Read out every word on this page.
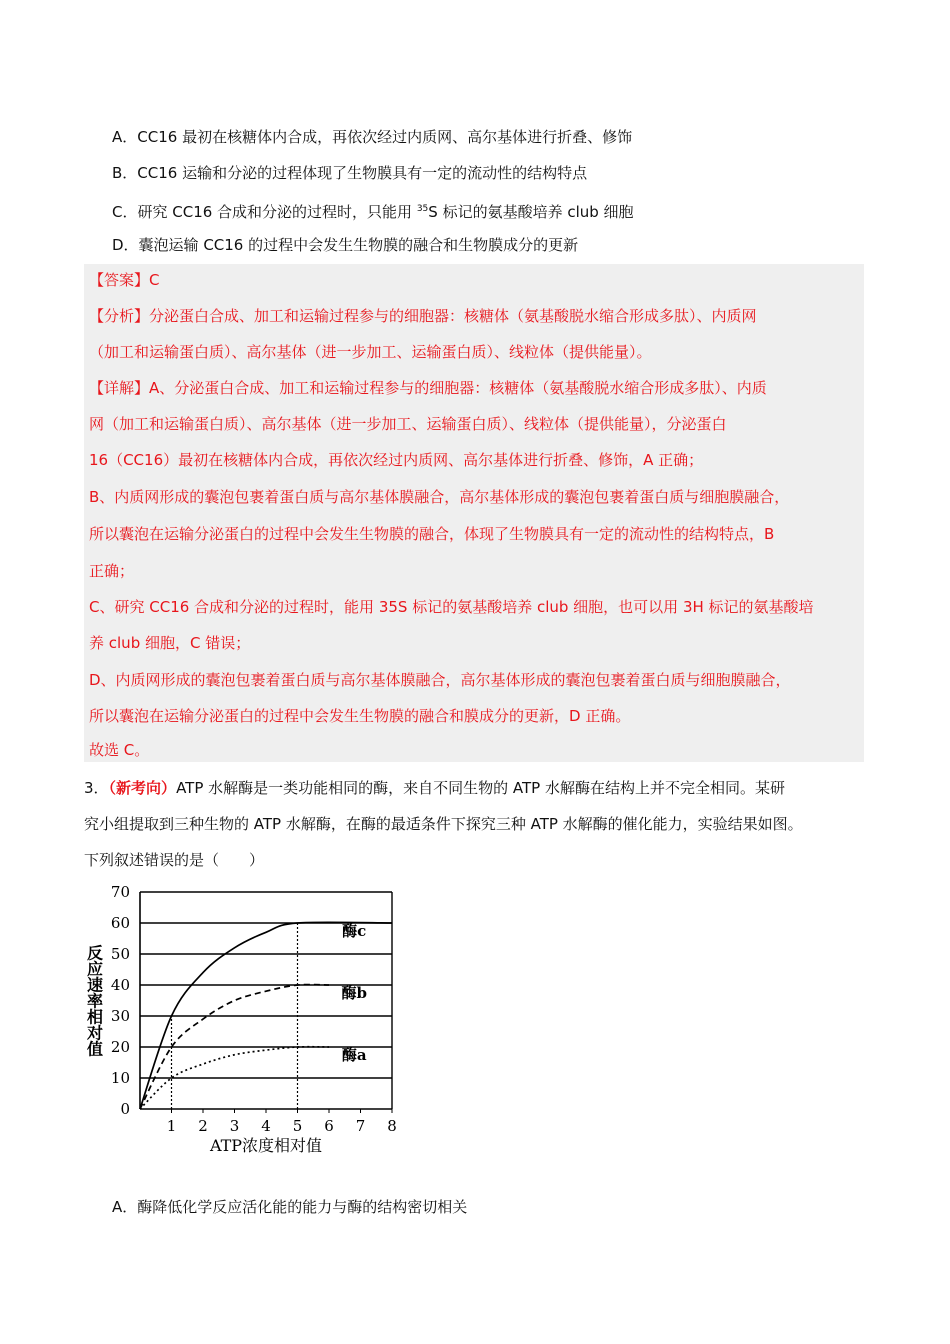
A．CC16 最初在核糖体内合成，再依次经过内质网、高尔基体进行折叠、修饰
B．CC16 运输和分泌的过程体现了生物膜具有一定的流动性的结构特点
C．研究 CC16 合成和分泌的过程时，只能用 $^{35}$S 标记的氨基酸培养 club 细胞
D．囊泡运输 CC16 的过程中会发生生物膜的融合和生物膜成分的更新
【答案】C
【分析】分泌蛋白合成、加工和运输过程参与的细胞器：核糖体（氨基酸脱水缩合形成多肽）、内质网
（加工和运输蛋白质）、高尔基体（进一步加工、运输蛋白质）、线粒体（提供能量）。
【详解】A、分泌蛋白合成、加工和运输过程参与的细胞器：核糖体（氨基酸脱水缩合形成多肽）、内质
网（加工和运输蛋白质）、高尔基体（进一步加工、运输蛋白质）、线粒体（提供能量），分泌蛋白
16（CC16）最初在核糖体内合成，再依次经过内质网、高尔基体进行折叠、修饰，A 正确；
B、内质网形成的囊泡包裹着蛋白质与高尔基体膜融合，高尔基体形成的囊泡包裹着蛋白质与细胞膜融合，
所以囊泡在运输分泌蛋白的过程中会发生生物膜的融合，体现了生物膜具有一定的流动性的结构特点，B
正确；
C、研究 CC16 合成和分泌的过程时，能用 35S 标记的氨基酸培养 club 细胞，也可以用 3H 标记的氨基酸培
养 club 细胞，C 错误；
D、内质网形成的囊泡包裹着蛋白质与高尔基体膜融合，高尔基体形成的囊泡包裹着蛋白质与细胞膜融合，
所以囊泡在运输分泌蛋白的过程中会发生生物膜的融合和膜成分的更新，D 正确。
故选 C。
3．（新考向）ATP 水解酶是一类功能相同的酶，来自不同生物的 ATP 水解酶在结构上并不完全相同。某研
究小组提取到三种生物的 ATP 水解酶，在酶的最适条件下探究三种 ATP 水解酶的催化能力，实验结果如图。
下列叙述错误的是（　　）
0
10
20
30
40
50
60
70
1 2 3 4 5 6 7 8
酶c
酶b
酶a
ATP浓度相对值
反应速率相对值
A．酶降低化学反应活化能的能力与酶的结构密切相关
